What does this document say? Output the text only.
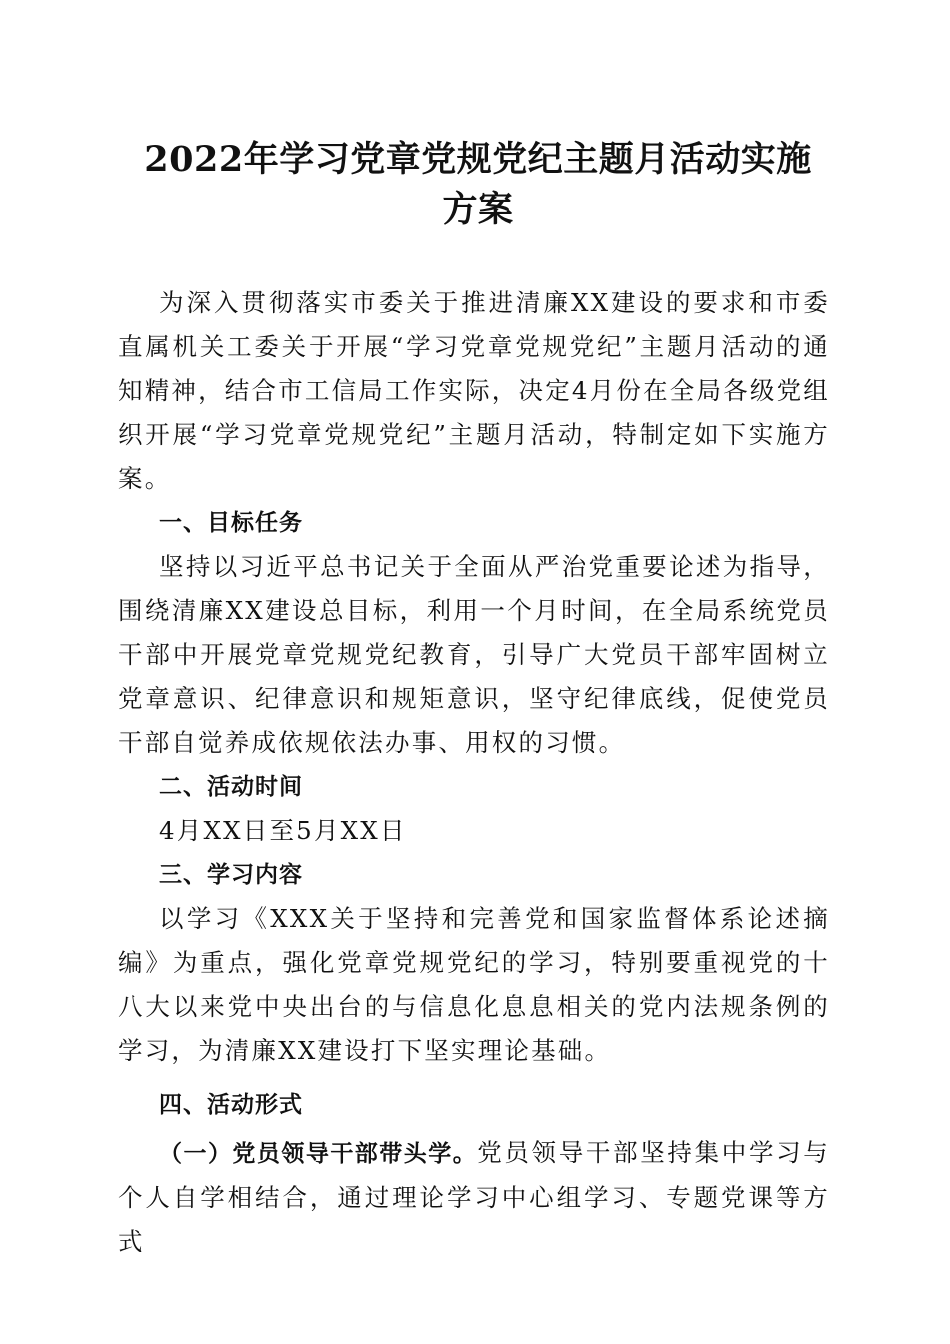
2022年学习党章党规党纪主题月活动实施方案

为深入贯彻落实市委关于推进清廉XX建设的要求和市委直属机关工委关于开展“学习党章党规党纪”主题月活动的通知精神，结合市工信局工作实际，决定4月份在全局各级党组织开展“学习党章党规党纪”主题月活动，特制定如下实施方案。

一、目标任务

坚持以习近平总书记关于全面从严治党重要论述为指导，围绕清廉XX建设总目标，利用一个月时间，在全局系统党员干部中开展党章党规党纪教育，引导广大党员干部牢固树立党章意识、纪律意识和规矩意识，坚守纪律底线，促使党员干部自觉养成依规依法办事、用权的习惯。

二、活动时间

4月XX日至5月XX日

三、学习内容

以学习《XXX关于坚持和完善党和国家监督体系论述摘编》为重点，强化党章党规党纪的学习，特别要重视党的十八大以来党中央出台的与信息化息息相关的党内法规条例的学习，为清廉XX建设打下坚实理论基础。

四、活动形式

（一）党员领导干部带头学。党员领导干部坚持集中学习与个人自学相结合，通过理论学习中心组学习、专题党课等方式
